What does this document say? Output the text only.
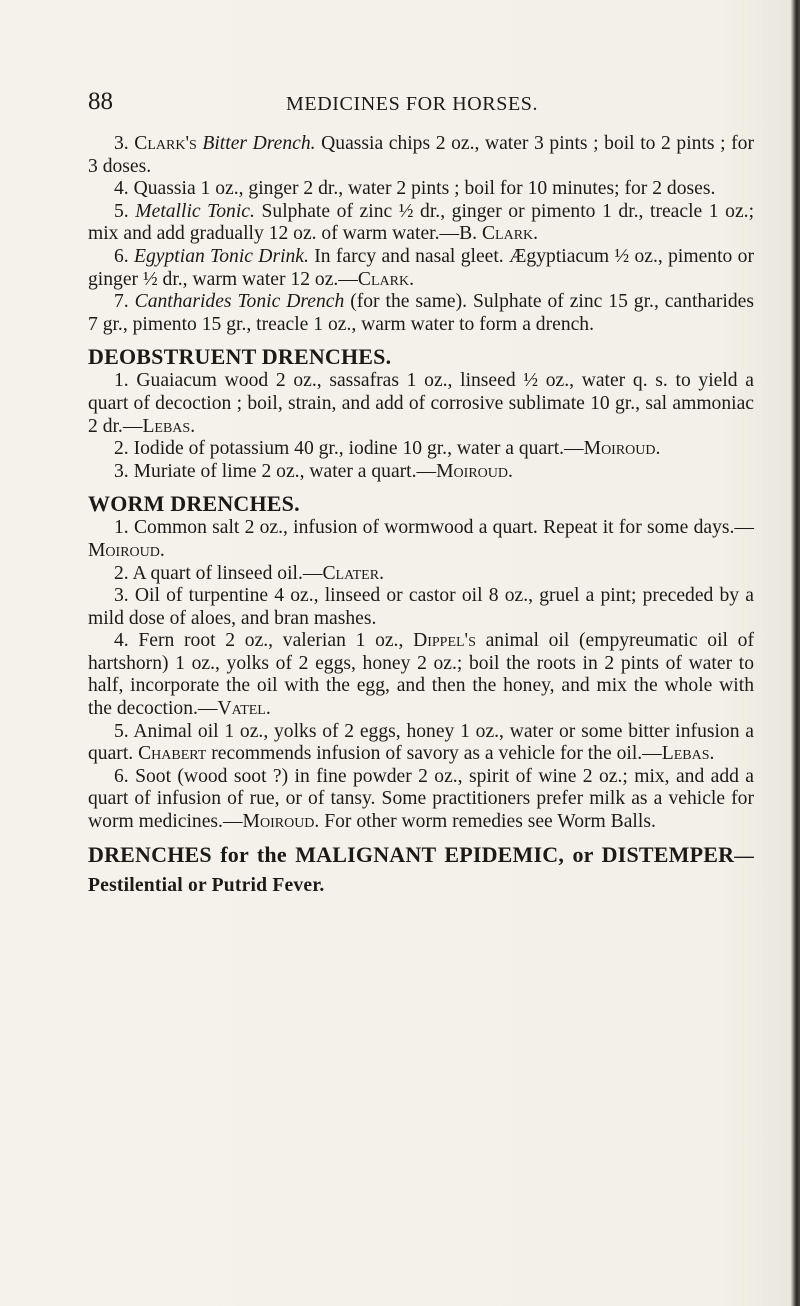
88	MEDICINES FOR HORSES.

3. Clark's Bitter Drench. Quassia chips 2 oz., water 3 pints ; boil to 2 pints ; for 3 doses.

4. Quassia 1 oz., ginger 2 dr., water 2 pints ; boil for 10 minutes; for 2 doses.

5. Metallic Tonic. Sulphate of zinc ½ dr., ginger or pimento 1 dr., treacle 1 oz.; mix and add gradually 12 oz. of warm water.—B. Clark.

6. Egyptian Tonic Drink. In farcy and nasal gleet. Ægyptiacum ½ oz., pimento or ginger ½ dr., warm water 12 oz.—Clark.

7. Cantharides Tonic Drench (for the same). Sulphate of zinc 15 gr., cantharides 7 gr., pimento 15 gr., treacle 1 oz., warm water to form a drench.

DEOBSTRUENT DRENCHES.

1. Guaiacum wood 2 oz., sassafras 1 oz., linseed ½ oz., water q. s. to yield a quart of decoction ; boil, strain, and add of corrosive sublimate 10 gr., sal ammoniac 2 dr.—Lebas.

2. Iodide of potassium 40 gr., iodine 10 gr., water a quart.—Moiroud.

3. Muriate of lime 2 oz., water a quart.—Moiroud.

WORM DRENCHES.

1. Common salt 2 oz., infusion of wormwood a quart. Repeat it for some days.—Moiroud.

2. A quart of linseed oil.—Clater.

3. Oil of turpentine 4 oz., linseed or castor oil 8 oz., gruel a pint; preceded by a mild dose of aloes, and bran mashes.

4. Fern root 2 oz., valerian 1 oz., Dippel's animal oil (empyreumatic oil of hartshorn) 1 oz., yolks of 2 eggs, honey 2 oz.; boil the roots in 2 pints of water to half, incorporate the oil with the egg, and then the honey, and mix the whole with the decoction.—Vatel.

5. Animal oil 1 oz., yolks of 2 eggs, honey 1 oz., water or some bitter infusion a quart. Chabert recommends infusion of savory as a vehicle for the oil.—Lebas.

6. Soot (wood soot ?) in fine powder 2 oz., spirit of wine 2 oz.; mix, and add a quart of infusion of rue, or of tansy. Some practitioners prefer milk as a vehicle for worm medicines.—Moiroud. For other worm remedies see Worm Balls.

DRENCHES for the MALIGNANT EPIDEMIC, or DISTEMPER—Pestilential or Putrid Fever.
